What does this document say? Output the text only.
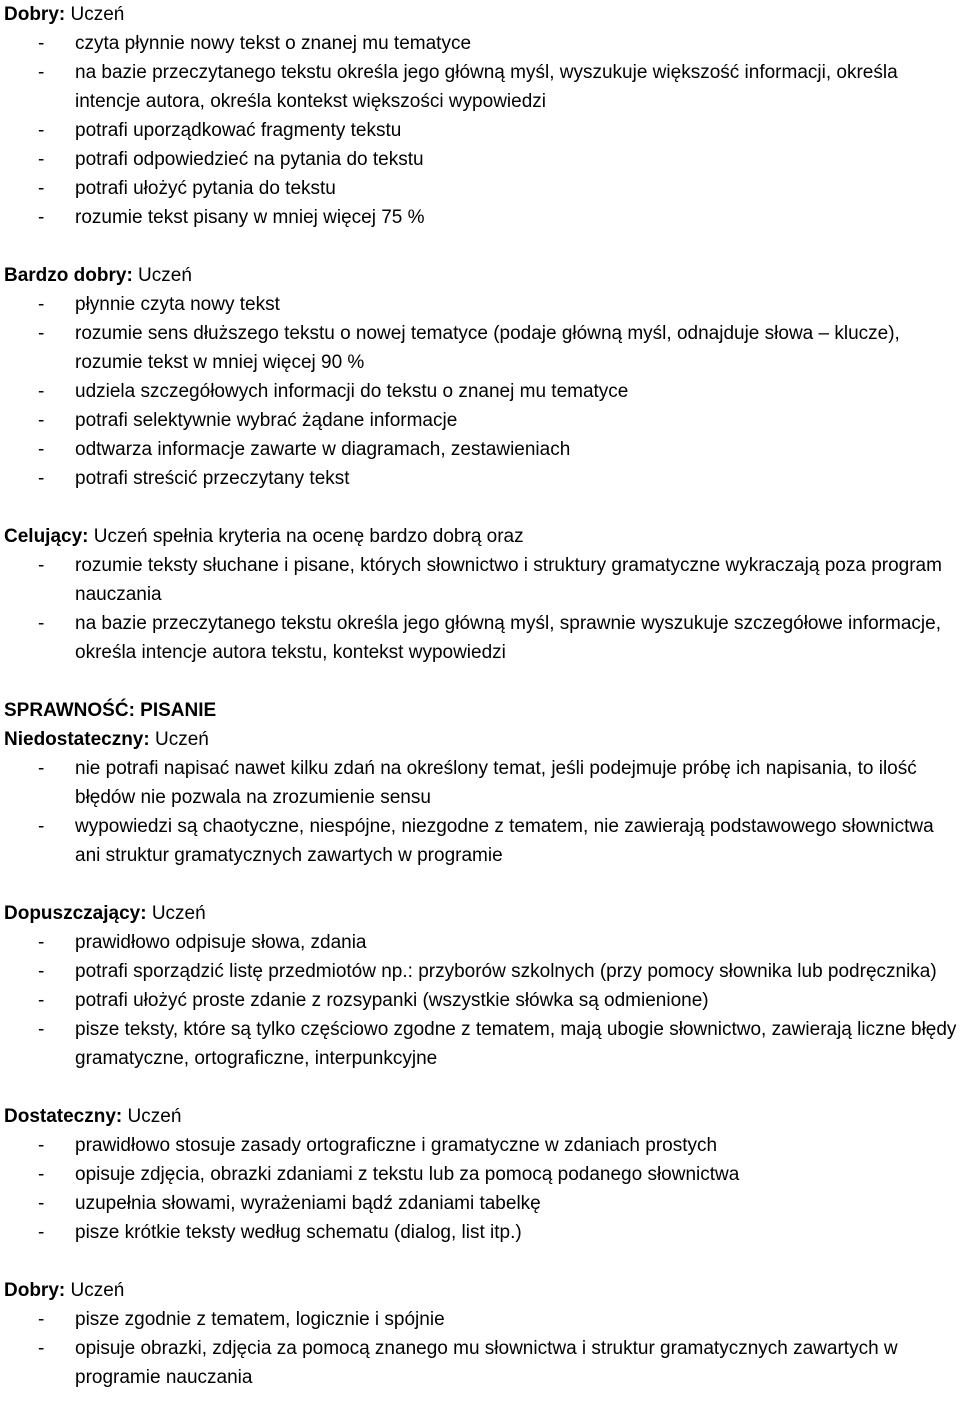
Dobry: Uczeń
- czyta płynnie nowy tekst o znanej mu tematyce
- na bazie przeczytanego tekstu określa jego główną myśl, wyszukuje większość informacji, określa intencje autora, określa kontekst większości wypowiedzi
- potrafi uporządkować fragmenty tekstu
- potrafi odpowiedzieć na pytania do tekstu
- potrafi ułożyć pytania do tekstu
- rozumie tekst pisany w mniej więcej 75 %
Bardzo dobry: Uczeń
- płynnie czyta nowy tekst
- rozumie sens dłuższego tekstu o nowej tematyce (podaje główną myśl, odnajduje słowa – klucze), rozumie tekst w mniej więcej 90 %
- udziela szczegółowych informacji do tekstu o znanej mu tematyce
- potrafi selektywnie wybrać żądane informacje
- odtwarza informacje zawarte w diagramach, zestawieniach
- potrafi streścić przeczytany tekst
Celujący: Uczeń spełnia kryteria na ocenę bardzo dobrą oraz
- rozumie teksty słuchane i pisane, których słownictwo i struktury gramatyczne wykraczają poza program nauczania
- na bazie przeczytanego tekstu określa jego główną myśl, sprawnie wyszukuje szczegółowe informacje, określa intencje autora tekstu, kontekst wypowiedzi
SPRAWNOŚĆ: PISANIE
Niedostateczny: Uczeń
- nie potrafi napisać nawet kilku zdań na określony temat, jeśli podejmuje próbę ich napisania, to ilość błędów nie pozwala na zrozumienie sensu
- wypowiedzi są chaotyczne, niespójne, niezgodne z tematem, nie zawierają podstawowego słownictwa ani struktur gramatycznych zawartych w programie
Dopuszczający: Uczeń
- prawidłowo odpisuje słowa, zdania
- potrafi sporządzić listę przedmiotów np.: przyborów szkolnych (przy pomocy słownika lub podręcznika)
- potrafi ułożyć proste zdanie z rozsypanki (wszystkie słówka są odmienione)
- pisze teksty, które są tylko częściowo zgodne z tematem, mają ubogie słownictwo, zawierają liczne błędy gramatyczne, ortograficzne, interpunkcyjne
Dostateczny: Uczeń
- prawidłowo stosuje zasady ortograficzne i gramatyczne w zdaniach prostych
- opisuje zdjęcia, obrazki zdaniami z tekstu lub za pomocą podanego słownictwa
- uzupełnia słowami, wyrażeniami bądź zdaniami tabelkę
- pisze krótkie teksty według schematu (dialog, list itp.)
Dobry: Uczeń
- pisze zgodnie z tematem, logicznie i spójnie
- opisuje obrazki, zdjęcia za pomocą znanego mu słownictwa i struktur gramatycznych zawartych w programie nauczania
